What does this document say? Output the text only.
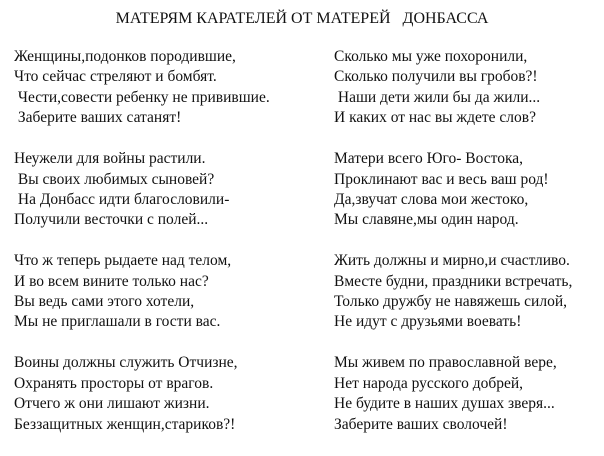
МАТЕРЯМ КАРАТЕЛЕЙ ОТ МАТЕРЕЙ   ДОНБАССА
Женщины,подонков породившие,
Что сейчас стреляют и бомбят.
Чести,совести ребенку не привившие.
Заберите ваших сатанят!
Неужели для войны растили.
Вы своих любимых сыновей?
На Донбасс идти благословили-
Получили весточки с полей...
Что ж теперь рыдаете над телом,
И во всем вините только нас?
Вы ведь сами этого хотели,
Мы не приглашали в гости вас.
Воины должны служить Отчизне,
Охранять просторы от врагов.
Отчего ж они лишают жизни.
Беззащитных женщин,стариков?!
Сколько мы уже похоронили,
Сколько получили вы гробов?!
Наши дети жили бы да жили...
И каких от нас вы ждете слов?
Матери всего Юго- Востока,
Проклинают вас и весь ваш род!
Да,звучат слова мои жестоко,
Мы славяне,мы один народ.
Жить должны и мирно,и счастливо.
Вместе будни, праздники встречать,
Только дружбу не навяжешь силой,
Не идут с друзьями воевать!
Мы живем по православной вере,
Нет народа русского добрей,
Не будите в наших душах зверя...
Заберите ваших сволочей!
